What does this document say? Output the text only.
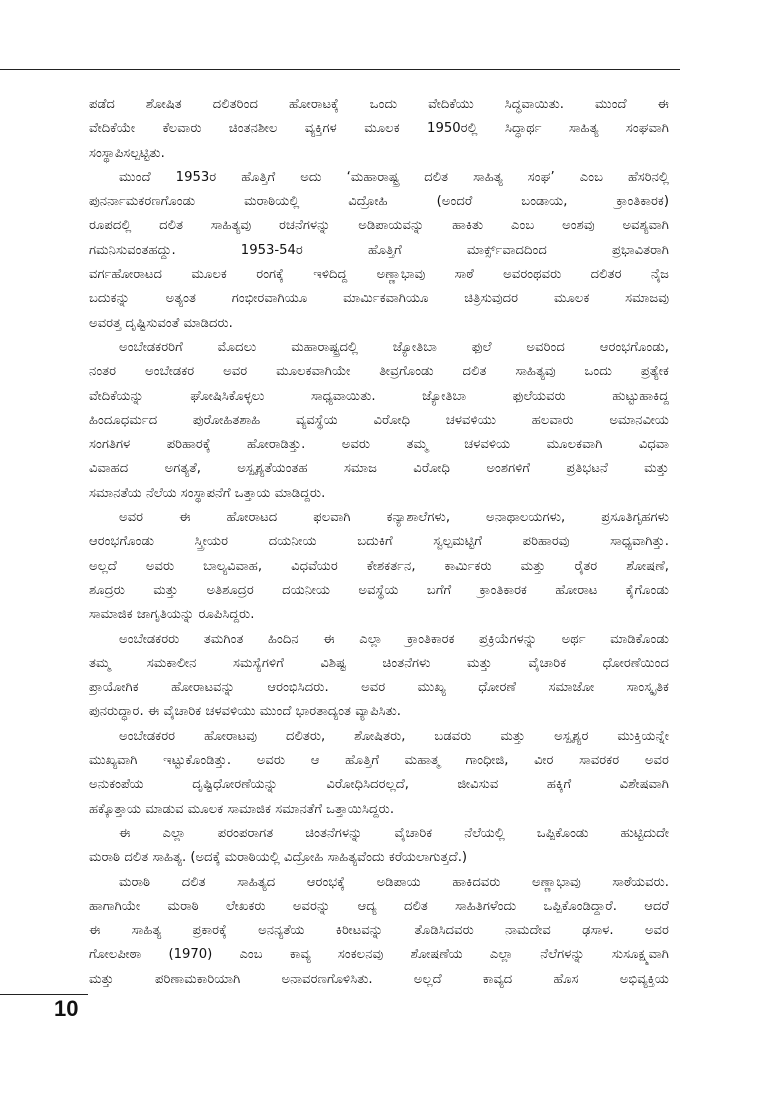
ಪಡೆದ ಶೋಷಿತ ದಲಿತರಿಂದ ಹೋರಾಟಕ್ಕೆ ಒಂದು ವೇದಿಕೆಯು ಸಿದ್ಧವಾಯಿತು. ಮುಂದೆ ಈ
ವೇದಿಕೆಯೇ ಕೆಲವಾರು ಚಿಂತನಶೀಲ ವ್ಯಕ್ತಿಗಳ ಮೂಲಕ 1950ರಲ್ಲಿ ಸಿದ್ಧಾರ್ಥ ಸಾಹಿತ್ಯ ಸಂಘವಾಗಿ
ಸಂಸ್ಥಾಪಿಸಲ್ಪಟ್ಟಿತು.
ಮುಂದೆ 1953ರ ಹೊತ್ತಿಗೆ ಅದು ‘ಮಹಾರಾಷ್ಟ್ರ ದಲಿತ ಸಾಹಿತ್ಯ ಸಂಘ’ ಎಂಬ ಹೆಸರಿನಲ್ಲಿ
ಪುನರ್ನಾಮಕರಣಗೊಂಡು ಮರಾಠಿಯಲ್ಲಿ ವಿದ್ರೋಹಿ (ಅಂದರೆ ಬಂಡಾಯ, ಕ್ರಾಂತಿಕಾರಕ)
ರೂಪದಲ್ಲಿ ದಲಿತ ಸಾಹಿತ್ಯವು ರಚನೆಗಳನ್ನು ಅಡಿಪಾಯವನ್ನು ಹಾಕಿತು ಎಂಬ ಅಂಶವು ಅವಶ್ಯವಾಗಿ
ಗಮನಿಸುವಂತಹದ್ದು. 1953-54ರ ಹೊತ್ತಿಗೆ ಮಾರ್ಕ್ಸ್‌ವಾದದಿಂದ ಪ್ರಭಾವಿತರಾಗಿ
ವರ್ಗಹೋರಾಟದ ಮೂಲಕ ರಂಗಕ್ಕೆ ಇಳಿದಿದ್ದ ಅಣ್ಣಾಭಾವು ಸಾಠೆ ಅವರಂಥವರು ದಲಿತರ ನೈಜ
ಬದುಕನ್ನು ಅತ್ಯಂತ ಗಂಭೀರವಾಗಿಯೂ ಮಾರ್ಮಿಕವಾಗಿಯೂ ಚಿತ್ರಿಸುವುದರ ಮೂಲಕ ಸಮಾಜವು
ಅವರತ್ತ ದೃಷ್ಟಿಸುವಂತೆ ಮಾಡಿದರು.
ಅಂಬೇಡಕರರಿಗೆ ಮೊದಲು ಮಹಾರಾಷ್ಟ್ರದಲ್ಲಿ ಜ್ಯೋತಿಬಾ ಫುಲೆ ಅವರಿಂದ ಆರಂಭಗೊಂಡು,
ನಂತರ ಅಂಬೇಡಕರ ಅವರ ಮೂಲಕವಾಗಿಯೇ ತೀವ್ರಗೊಂಡು ದಲಿತ ಸಾಹಿತ್ಯವು ಒಂದು ಪ್ರತ್ಯೇಕ
ವೇದಿಕೆಯನ್ನು ಘೋಷಿಸಿಕೊಳ್ಳಲು ಸಾಧ್ಯವಾಯಿತು. ಜ್ಯೋತಿಬಾ ಫುಲೆಯವರು ಹುಟ್ಟುಹಾಕಿದ್ದ
ಹಿಂದೂಧರ್ಮದ ಪುರೋಹಿತಶಾಹಿ ವ್ಯವಸ್ಥೆಯ ವಿರೋಧಿ ಚಳವಳಿಯು ಹಲವಾರು ಅಮಾನವೀಯ
ಸಂಗತಿಗಳ ಪರಿಹಾರಕ್ಕೆ ಹೋರಾಡಿತ್ತು. ಅವರು ತಮ್ಮ ಚಳವಳಿಯ ಮೂಲಕವಾಗಿ ವಿಧವಾ
ವಿವಾಹದ ಅಗತ್ಯತೆ, ಅಸ್ಪೃಶ್ಯತೆಯಂತಹ ಸಮಾಜ ವಿರೋಧಿ ಅಂಶಗಳಿಗೆ ಪ್ರತಿಭಟನೆ ಮತ್ತು
ಸಮಾನತೆಯ ನೆಲೆಯ ಸಂಸ್ಥಾಪನೆಗೆ ಒತ್ತಾಯ ಮಾಡಿದ್ದರು.
ಅವರ ಈ ಹೋರಾಟದ ಫಲವಾಗಿ ಕನ್ಯಾಶಾಲೆಗಳು, ಅನಾಥಾಲಯಗಳು, ಪ್ರಸೂತಿಗೃಹಗಳು
ಆರಂಭಗೊಂಡು ಸ್ತ್ರೀಯರ ದಯನೀಯ ಬದುಕಿಗೆ ಸ್ವಲ್ಪಮಟ್ಟಿಗೆ ಪರಿಹಾರವು ಸಾಧ್ಯವಾಗಿತ್ತು.
ಅಲ್ಲದೆ ಅವರು ಬಾಲ್ಯವಿವಾಹ, ವಿಧವೆಯರ ಕೇಶಕರ್ತನ, ಕಾರ್ಮಿಕರು ಮತ್ತು ರೈತರ ಶೋಷಣೆ,
ಶೂದ್ರರು ಮತ್ತು ಅತಿಶೂದ್ರರ ದಯನೀಯ ಅವಸ್ಥೆಯ ಬಗೆಗೆ ಕ್ರಾಂತಿಕಾರಕ ಹೋರಾಟ ಕೈಗೊಂಡು
ಸಾಮಾಜಿಕ ಜಾಗೃತಿಯನ್ನು ರೂಪಿಸಿದ್ದರು.
ಅಂಬೇಡಕರರು ತಮಗಿಂತ ಹಿಂದಿನ ಈ ಎಲ್ಲಾ ಕ್ರಾಂತಿಕಾರಕ ಪ್ರಕ್ರಿಯೆಗಳನ್ನು ಅರ್ಥ ಮಾಡಿಕೊಂಡು
ತಮ್ಮ ಸಮಕಾಲೀನ ಸಮಸ್ಯೆಗಳಿಗೆ ವಿಶಿಷ್ಟ ಚಿಂತನೆಗಳು ಮತ್ತು ವೈಚಾರಿಕ ಧೋರಣೆಯಿಂದ
ಪ್ರಾಯೋಗಿಕ ಹೋರಾಟವನ್ನು ಆರಂಭಿಸಿದರು. ಅವರ ಮುಖ್ಯ ಧೋರಣೆ ಸಮಾಜೋ ಸಾಂಸ್ಕೃತಿಕ
ಪುನರುದ್ಧಾರ. ಈ ವೈಚಾರಿಕ ಚಳವಳಿಯು ಮುಂದೆ ಭಾರತಾದ್ಯಂತ ವ್ಯಾಪಿಸಿತು.
ಅಂಬೇಡಕರರ ಹೋರಾಟವು ದಲಿತರು, ಶೋಷಿತರು, ಬಡವರು ಮತ್ತು ಅಸ್ಪೃಶ್ಯರ ಮುಕ್ತಿಯನ್ನೇ
ಮುಖ್ಯವಾಗಿ ಇಟ್ಟುಕೊಂಡಿತ್ತು. ಅವರು ಆ ಹೊತ್ತಿಗೆ ಮಹಾತ್ಮ ಗಾಂಧೀಜಿ, ವೀರ ಸಾವರಕರ ಅವರ
ಅನುಕಂಪೆಯ ದೃಷ್ಟಿಧೋರಣೆಯನ್ನು ವಿರೋಧಿಸಿದರಲ್ಲದೆ, ಜೀವಿಸುವ ಹಕ್ಕಿಗೆ ವಿಶೇಷವಾಗಿ
ಹಕ್ಕೊತ್ತಾಯ ಮಾಡುವ ಮೂಲಕ ಸಾಮಾಜಿಕ ಸಮಾನತೆಗೆ ಒತ್ತಾಯಿಸಿದ್ದರು.
ಈ ಎಲ್ಲಾ ಪರಂಪರಾಗತ ಚಿಂತನೆಗಳನ್ನು ವೈಚಾರಿಕ ನೆಲೆಯಲ್ಲಿ ಒಪ್ಪಿಕೊಂಡು ಹುಟ್ಟಿದುದೇ
ಮರಾಠಿ ದಲಿತ ಸಾಹಿತ್ಯ. (ಅದಕ್ಕೆ ಮರಾಠಿಯಲ್ಲಿ ವಿದ್ರೋಹಿ ಸಾಹಿತ್ಯವೆಂದು ಕರೆಯಲಾಗುತ್ತದೆ.)
ಮರಾಠಿ ದಲಿತ ಸಾಹಿತ್ಯದ ಆರಂಭಕ್ಕೆ ಅಡಿಪಾಯ ಹಾಕಿದವರು ಅಣ್ಣಾಭಾವು ಸಾಠೆಯವರು.
ಹಾಗಾಗಿಯೇ ಮರಾಠಿ ಲೇಖಕರು ಅವರನ್ನು ಆದ್ಯ ದಲಿತ ಸಾಹಿತಿಗಳೆಂದು ಒಪ್ಪಿಕೊಂಡಿದ್ದಾರೆ. ಆದರೆ
ಈ ಸಾಹಿತ್ಯ ಪ್ರಕಾರಕ್ಕೆ ಅನನ್ಯತೆಯ ಕಿರೀಟವನ್ನು ತೊಡಿಸಿದವರು ನಾಮದೇವ ಢಸಾಳ. ಅವರ
ಗೋಲಪೀಠಾ (1970) ಎಂಬ ಕಾವ್ಯ ಸಂಕಲನವು ಶೋಷಣೆಯ ಎಲ್ಲಾ ನೆಲೆಗಳನ್ನು ಸುಸೂಕ್ಷ್ಮವಾಗಿ
ಮತ್ತು ಪರಿಣಾಮಕಾರಿಯಾಗಿ ಅನಾವರಣಗೊಳಿಸಿತು. ಅಲ್ಲದೆ ಕಾವ್ಯದ ಹೊಸ ಅಭಿವ್ಯಕ್ತಿಯ
10
